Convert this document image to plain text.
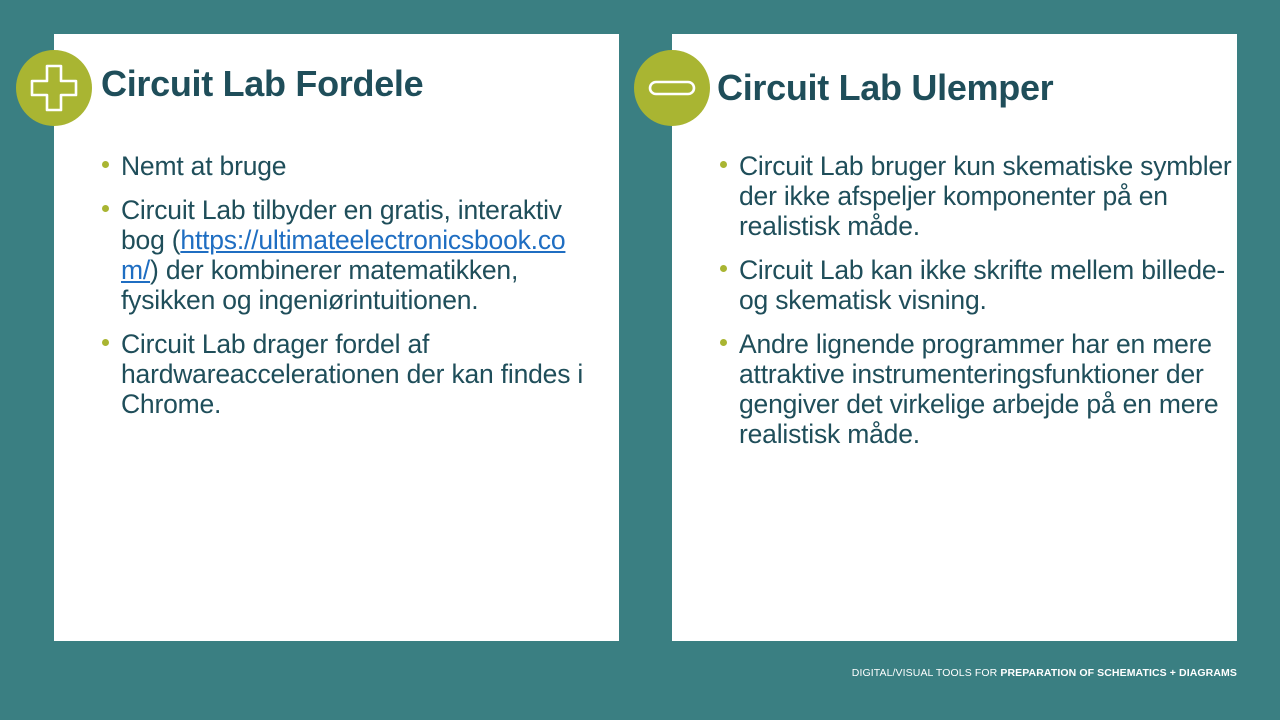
Circuit Lab Fordele	Circuit Lab Ulemper
Nemt at bruge
Circuit Lab tilbyder en gratis, interaktiv bog (https://ultimateelectronicsbook.com/) der kombinerer matematikken, fysikken og ingeniørintuitionen.
Circuit Lab drager fordel af hardwareaccelerationen der kan findes i Chrome.
Circuit Lab bruger kun skematiske symbler der ikke afspeljer komponenter på en realistisk måde.
Circuit Lab kan ikke skrifte mellem billede- og skematisk visning.
Andre lignende programmer har en mere attraktive instrumenteringsfunktioner der gengiver det virkelige arbejde på en mere realistisk måde.
DIGITAL/VISUAL TOOLS FOR PREPARATION OF SCHEMATICS + DIAGRAMS
